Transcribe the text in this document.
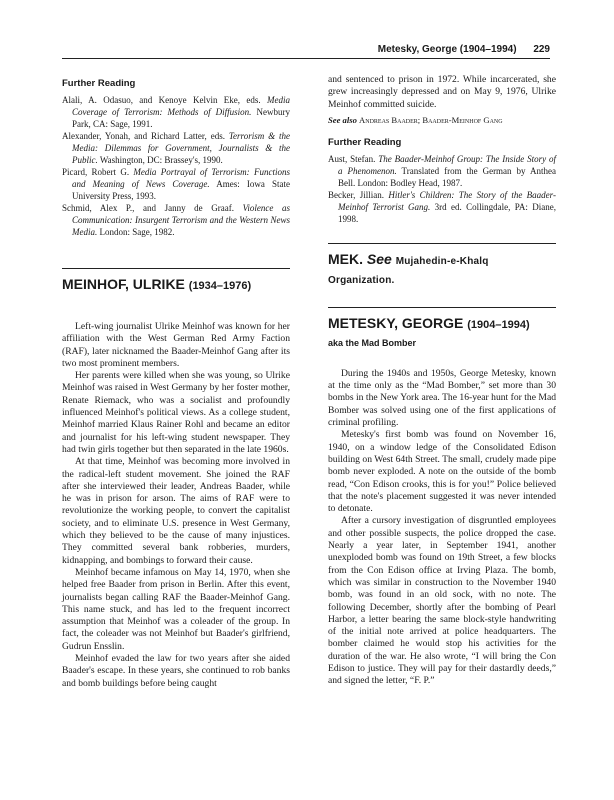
Metesky, George (1904–1994) 229
Further Reading

Alali, A. Odasuo, and Kenoye Kelvin Eke, eds. Media Coverage of Terrorism: Methods of Diffusion. Newbury Park, CA: Sage, 1991.

Alexander, Yonah, and Richard Latter, eds. Terrorism & the Media: Dilemmas for Government, Journalists & the Public. Washington, DC: Brassey's, 1990.

Picard, Robert G. Media Portrayal of Terrorism: Functions and Meaning of News Coverage. Ames: Iowa State University Press, 1993.

Schmid, Alex P., and Janny de Graaf. Violence as Communication: Insurgent Terrorism and the Western News Media. London: Sage, 1982.

MEINHOF, ULRIKE (1934–1976)

Left-wing journalist Ulrike Meinhof was known for her affiliation with the West German Red Army Faction (RAF), later nicknamed the Baader-Meinhof Gang after its two most prominent members.

Her parents were killed when she was young, so Ulrike Meinhof was raised in West Germany by her foster mother, Renate Riemack, who was a socialist and profoundly influenced Meinhof's political views. As a college student, Meinhof married Klaus Rainer Rohl and became an editor and journalist for his left-wing student newspaper. They had twin girls together but then separated in the late 1960s.

At that time, Meinhof was becoming more involved in the radical-left student movement. She joined the RAF after she interviewed their leader, Andreas Baader, while he was in prison for arson. The aims of RAF were to revolutionize the working people, to convert the capitalist society, and to eliminate U.S. presence in West Germany, which they believed to be the cause of many injustices. They committed several bank robberies, murders, kidnapping, and bombings to forward their cause.

Meinhof became infamous on May 14, 1970, when she helped free Baader from prison in Berlin. After this event, journalists began calling RAF the Baader-Meinhof Gang. This name stuck, and has led to the frequent incorrect assumption that Meinhof was a coleader of the group. In fact, the coleader was not Meinhof but Baader's girlfriend, Gudrun Ensslin.

Meinhof evaded the law for two years after she aided Baader's escape. In these years, she continued to rob banks and bomb buildings before being caught

and sentenced to prison in 1972. While incarcerated, she grew increasingly depressed and on May 9, 1976, Ulrike Meinhof committed suicide.

See also Andreas Baader; Baader-Meinhof Gang

Further Reading

Aust, Stefan. The Baader-Meinhof Group: The Inside Story of a Phenomenon. Translated from the German by Anthea Bell. London: Bodley Head, 1987.

Becker, Jillian. Hitler's Children: The Story of the Baader-Meinhof Terrorist Gang. 3rd ed. Collingdale, PA: Diane, 1998.

MEK. See Mujahedin-e-Khalq
Organization.
METESKY, GEORGE (1904–1994)

aka the Mad Bomber

During the 1940s and 1950s, George Metesky, known at the time only as the “Mad Bomber,” set more than 30 bombs in the New York area. The 16-year hunt for the Mad Bomber was solved using one of the first applications of criminal profiling.

Metesky's first bomb was found on November 16, 1940, on a window ledge of the Consolidated Edison building on West 64th Street. The small, crudely made pipe bomb never exploded. A note on the outside of the bomb read, “Con Edison crooks, this is for you!” Police believed that the note's placement suggested it was never intended to detonate.

After a cursory investigation of disgruntled employees and other possible suspects, the police dropped the case. Nearly a year later, in September 1941, another unexploded bomb was found on 19th Street, a few blocks from the Con Edison office at Irving Plaza. The bomb, which was similar in construction to the November 1940 bomb, was found in an old sock, with no note. The following December, shortly after the bombing of Pearl Harbor, a letter bearing the same block-style handwriting of the initial note arrived at police headquarters. The bomber claimed he would stop his activities for the duration of the war. He also wrote, “I will bring the Con Edison to justice. They will pay for their dastardly deeds,” and signed the letter, “F. P.”
